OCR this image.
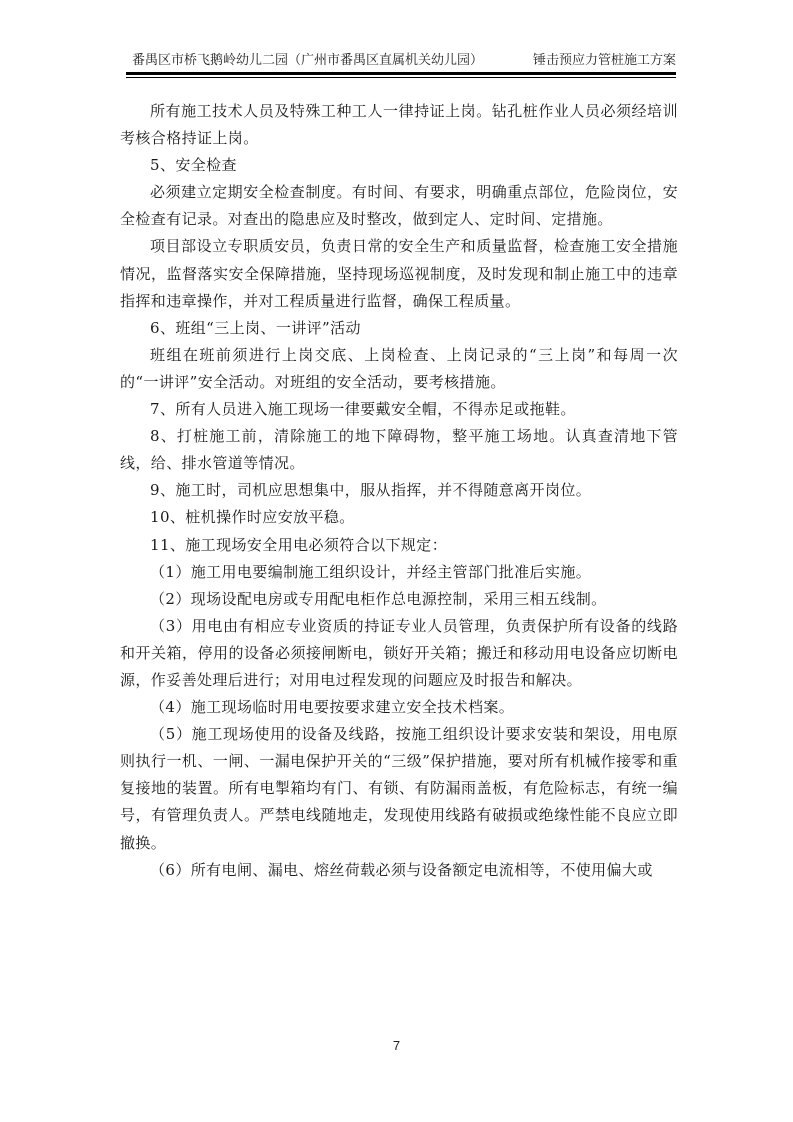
番禺区市桥飞鹅岭幼儿二园（广州市番禺区直属机关幼儿园）	锤击预应力管桩施工方案

所有施工技术人员及特殊工种工人一律持证上岗。钻孔桩作业人员必须经培训考核合格持证上岗。

5、安全检查

必须建立定期安全检查制度。有时间、有要求，明确重点部位，危险岗位，安全检查有记录。对查出的隐患应及时整改，做到定人、定时间、定措施。

项目部设立专职质安员，负责日常的安全生产和质量监督，检查施工安全措施情况，监督落实安全保障措施，坚持现场巡视制度，及时发现和制止施工中的违章指挥和违章操作，并对工程质量进行监督，确保工程质量。

6、班组“三上岗、一讲评”活动

班组在班前须进行上岗交底、上岗检查、上岗记录的“三上岗”和每周一次的“一讲评”安全活动。对班组的安全活动，要考核措施。

7、所有人员进入施工现场一律要戴安全帽，不得赤足或拖鞋。

8、打桩施工前，清除施工的地下障碍物，整平施工场地。认真查清地下管线，给、排水管道等情况。

9、施工时，司机应思想集中，服从指挥，并不得随意离开岗位。

10、桩机操作时应安放平稳。

11、施工现场安全用电必须符合以下规定：

（1）施工用电要编制施工组织设计，并经主管部门批准后实施。

（2）现场设配电房或专用配电柜作总电源控制，采用三相五线制。

（3）用电由有相应专业资质的持证专业人员管理，负责保护所有设备的线路和开关箱，停用的设备必须接闸断电，锁好开关箱；搬迁和移动用电设备应切断电源，作妥善处理后进行；对用电过程发现的问题应及时报告和解决。

（4）施工现场临时用电要按要求建立安全技术档案。

（5）施工现场使用的设备及线路，按施工组织设计要求安装和架设，用电原则执行一机、一闸、一漏电保护开关的“三级”保护措施，要对所有机械作接零和重复接地的装置。所有电掣箱均有门、有锁、有防漏雨盖板，有危险标志，有统一编号，有管理负责人。严禁电线随地走，发现使用线路有破损或绝缘性能不良应立即撤换。

（6）所有电闸、漏电、熔丝荷载必须与设备额定电流相等，不使用偏大或

7
